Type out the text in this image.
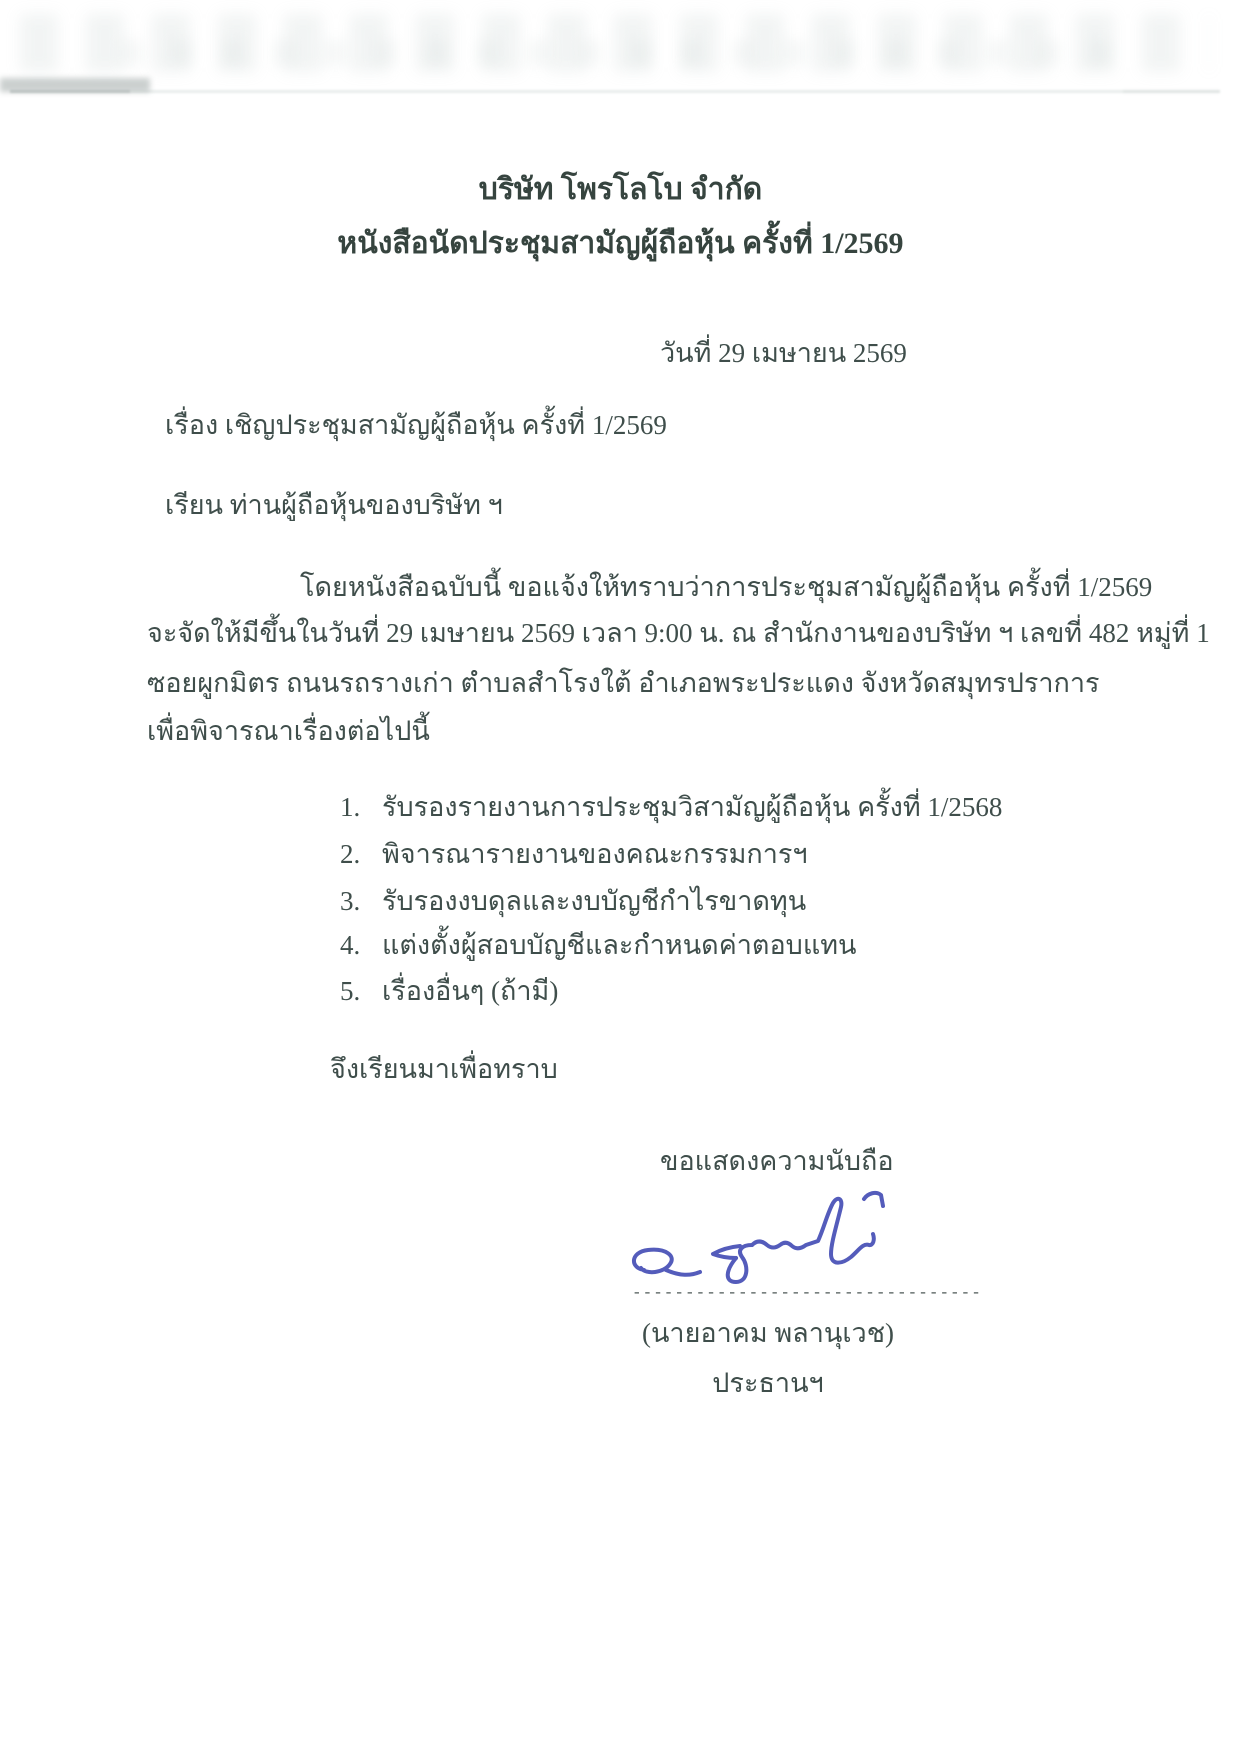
บริษัท โพรโลโบ จำกัด
หนังสือนัดประชุมสามัญผู้ถือหุ้น ครั้งที่ 1/2569
วันที่ 29 เมษายน 2569
เรื่อง เชิญประชุมสามัญผู้ถือหุ้น ครั้งที่ 1/2569
เรียน ท่านผู้ถือหุ้นของบริษัท ฯ
โดยหนังสือฉบับนี้ ขอแจ้งให้ทราบว่าการประชุมสามัญผู้ถือหุ้น ครั้งที่ 1/2569
จะจัดให้มีขึ้นในวันที่ 29 เมษายน 2569 เวลา 9:00 น. ณ สำนักงานของบริษัท ฯ เลขที่ 482 หมู่ที่ 1
ซอยผูกมิตร ถนนรถรางเก่า ตำบลสำโรงใต้ อำเภอพระประแดง จังหวัดสมุทรปราการ
เพื่อพิจารณาเรื่องต่อไปนี้
1. รับรองรายงานการประชุมวิสามัญผู้ถือหุ้น ครั้งที่ 1/2568
2. พิจารณารายงานของคณะกรรมการฯ
3. รับรองงบดุลและงบบัญชีกำไรขาดทุน
4. แต่งตั้งผู้สอบบัญชีและกำหนดค่าตอบแทน
5. เรื่องอื่นๆ (ถ้ามี)
จึงเรียนมาเพื่อทราบ
ขอแสดงความนับถือ
---------------------------------
(นายอาคม พลานุเวช)
ประธานฯ
